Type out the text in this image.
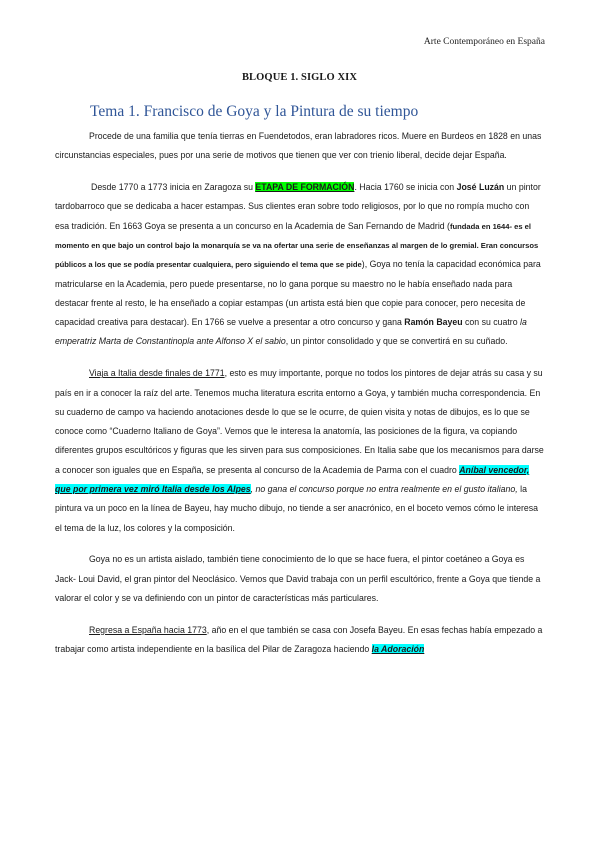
Arte Contemporáneo en España
BLOQUE 1. SIGLO XIX
Tema 1. Francisco de Goya y la Pintura de su tiempo

Procede de una familia que tenía tierras en Fuendetodos, eran labradores ricos. Muere en Burdeos en 1828 en unas circunstancias especiales, pues por una serie de motivos que tienen que ver con trienio liberal, decide dejar España.

Desde 1770 a 1773 inicia en Zaragoza su ETAPA DE FORMACIÓN. Hacia 1760 se inicia con José Luzán un pintor tardobarroco que se dedicaba a hacer estampas. Sus clientes eran sobre todo religiosos, por lo que no rompía mucho con esa tradición. En 1663 Goya se presenta a un concurso en la Academia de San Fernando de Madrid (fundada en 1644- es el momento en que bajo un control bajo la monarquía se va na ofertar una serie de enseñanzas al margen de lo gremial. Eran concursos públicos a los que se podía presentar cualquiera, pero siguiendo el tema que se pide), Goya no tenía la capacidad económica para matricularse en la Academia, pero puede presentarse, no lo gana porque su maestro no le había enseñado nada para destacar frente al resto, le ha enseñado a copiar estampas (un artista está bien que copie para conocer, pero necesita de capacidad creativa para destacar). En 1766 se vuelve a presentar a otro concurso y gana Ramón Bayeu con su cuatro la emperatriz Marta de Constantinopla ante Alfonso X el sabio, un pintor consolidado y que se convertirá en su cuñado.

Viaja a Italia desde finales de 1771, esto es muy importante, porque no todos los pintores de dejar atrás su casa y su país en ir a conocer la raíz del arte. Tenemos mucha literatura escrita entorno a Goya, y también mucha correspondencia. En su cuaderno de campo va haciendo anotaciones desde lo que se le ocurre, de quien visita y notas de dibujos, es lo que se conoce como “Cuaderno Italiano de Goya”. Vemos que le interesa la anatomía, las posiciones de la figura, va copiando diferentes grupos escultóricos y figuras que les sirven para sus composiciones. En Italia sabe que los mecanismos para darse a conocer son iguales que en España, se presenta al concurso de la Academia de Parma con el cuadro Aníbal vencedor, que por primera vez miró Italia desde los Alpes, no gana el concurso porque no entra realmente en el gusto italiano, la pintura va un poco en la línea de Bayeu, hay mucho dibujo, no tiende a ser anacrónico, en el boceto vemos cómo le interesa el tema de la luz, los colores y la composición.

Goya no es un artista aislado, también tiene conocimiento de lo que se hace fuera, el pintor coetáneo a Goya es Jack- Loui David, el gran pintor del Neoclásico. Vemos que David trabaja con un perfil escultórico, frente a Goya que tiende a valorar el color y se va definiendo con un pintor de características más particulares.

Regresa a España hacia 1773, año en el que también se casa con Josefa Bayeu. En esas fechas había empezado a trabajar como artista independiente en la basílica del Pilar de Zaragoza haciendo la Adoración
